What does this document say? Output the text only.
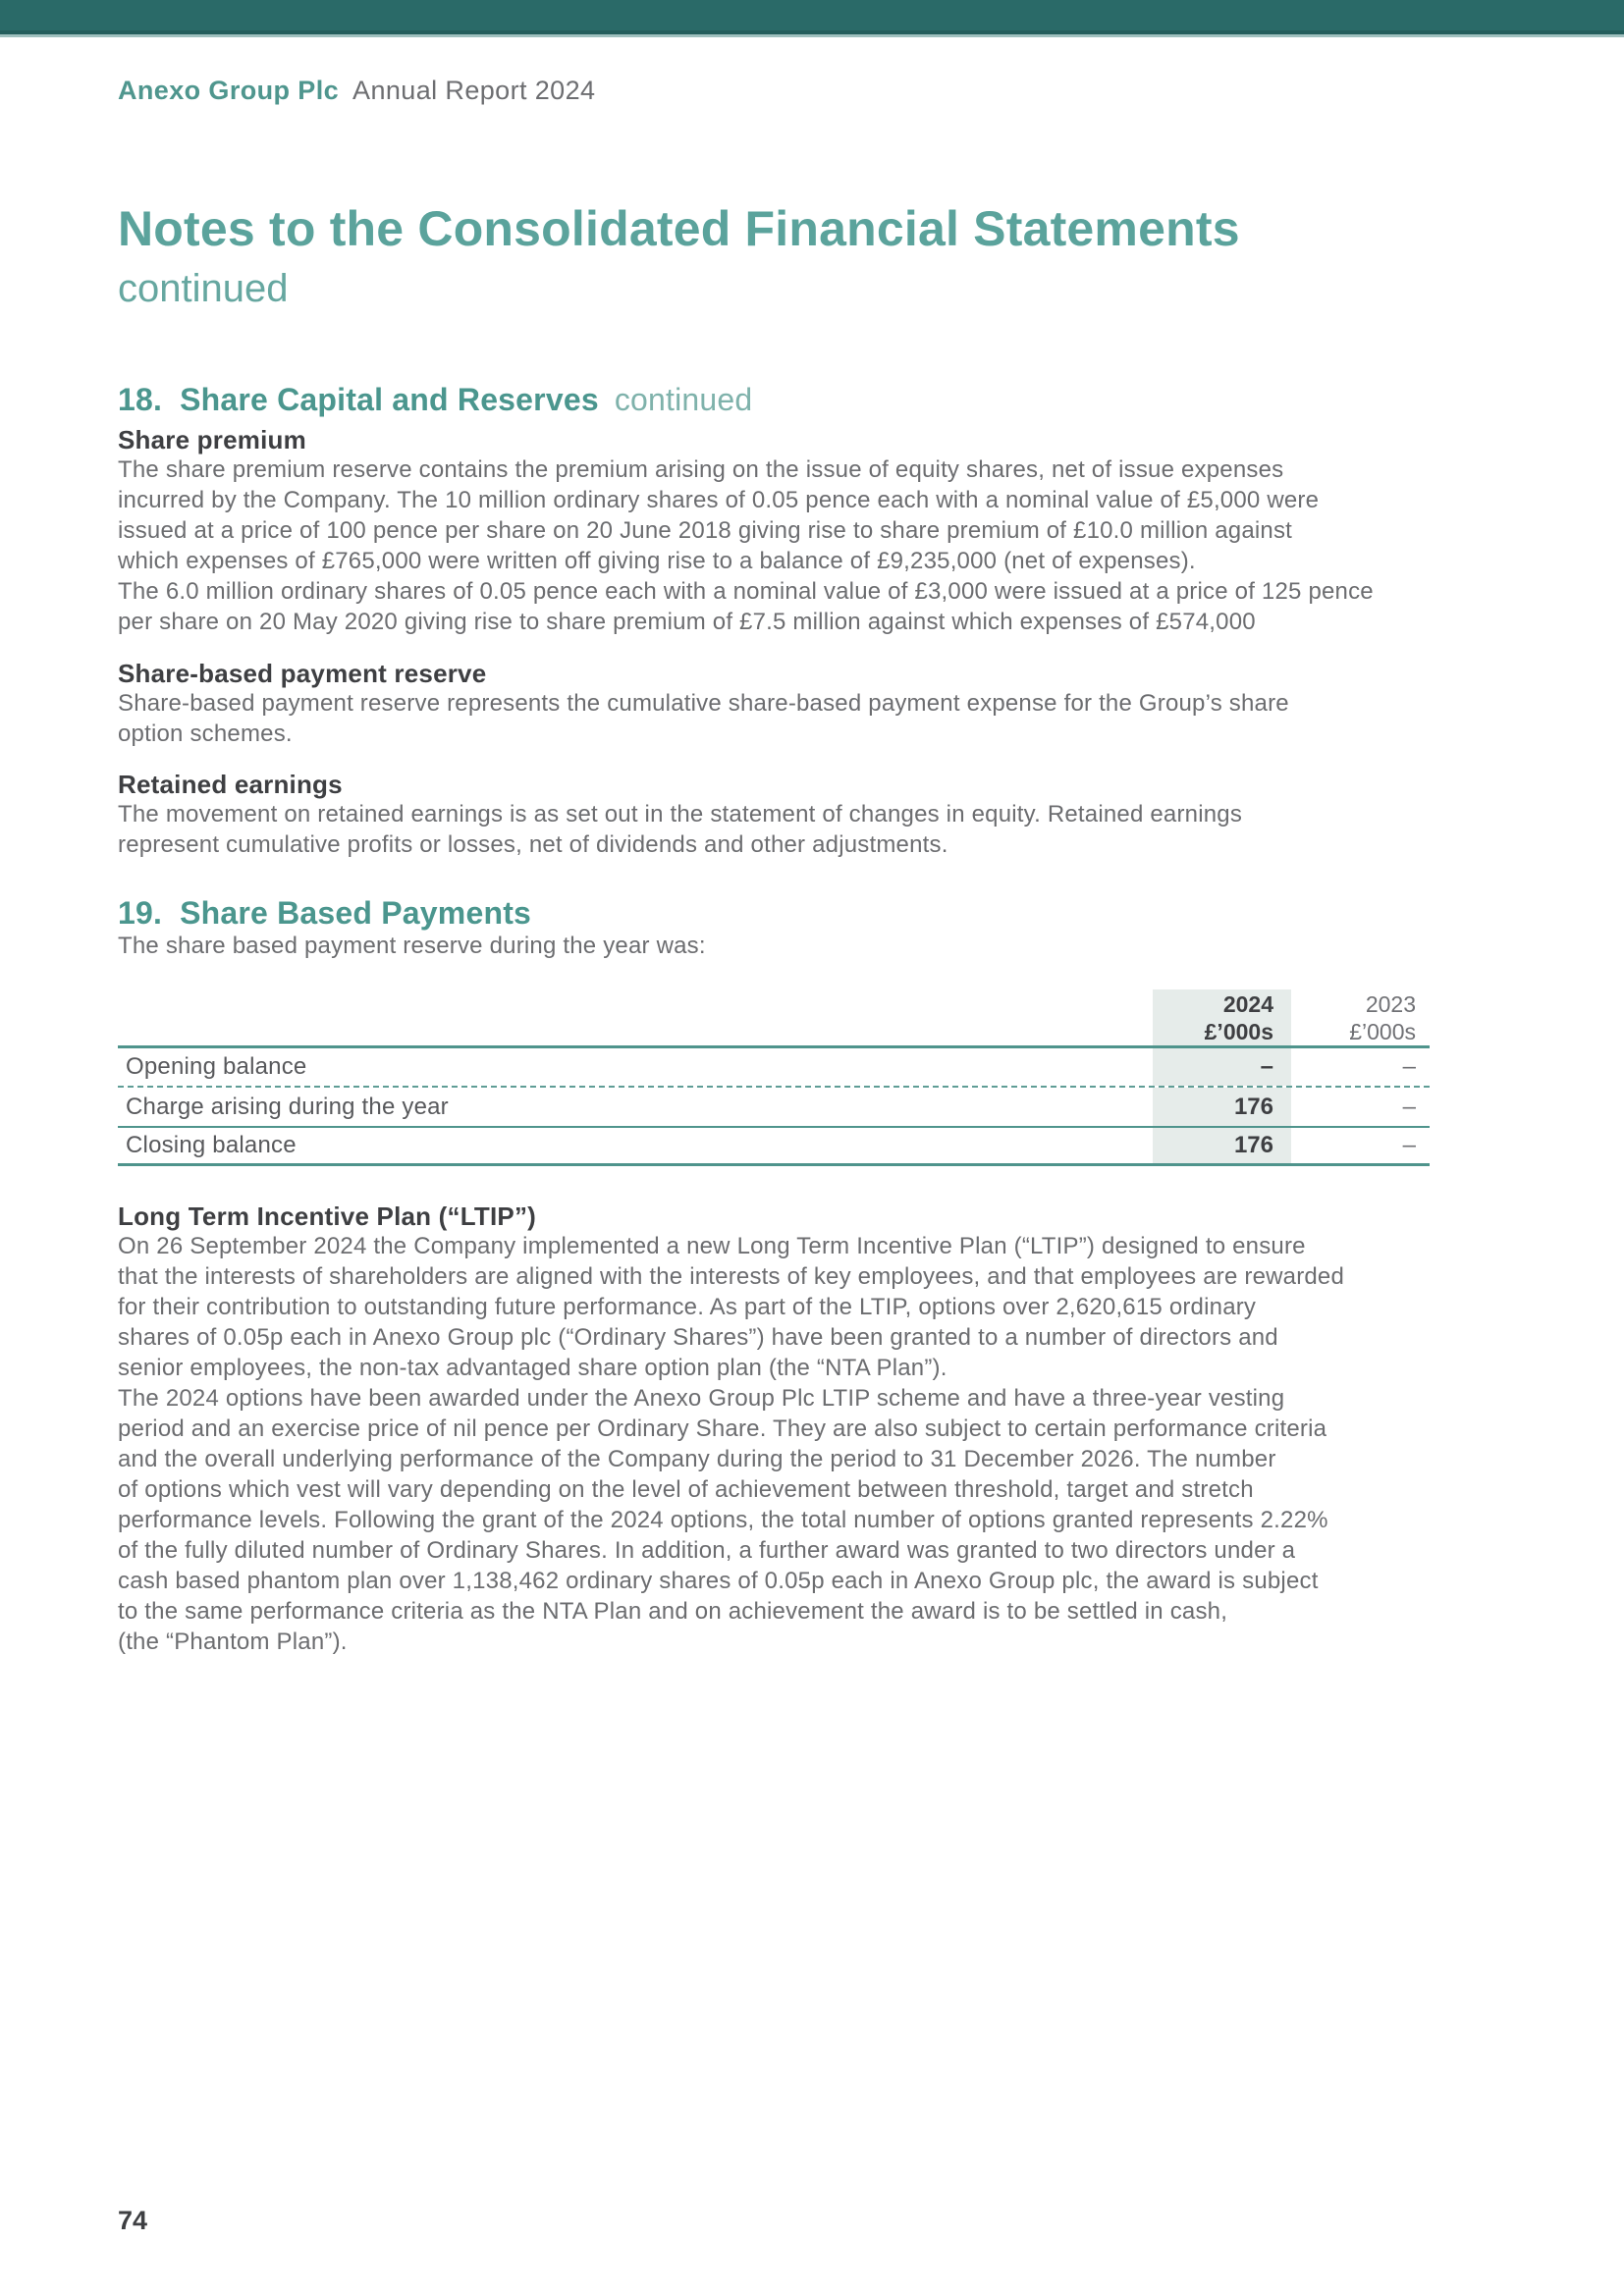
Anexo Group Plc Annual Report 2024
Notes to the Consolidated Financial Statements
continued
18. Share Capital and Reserves continued
Share premium

The share premium reserve contains the premium arising on the issue of equity shares, net of issue expenses
incurred by the Company. The 10 million ordinary shares of 0.05 pence each with a nominal value of £5,000 were
issued at a price of 100 pence per share on 20 June 2018 giving rise to share premium of £10.0 million against
which expenses of £765,000 were written off giving rise to a balance of £9,235,000 (net of expenses).

The 6.0 million ordinary shares of 0.05 pence each with a nominal value of £3,000 were issued at a price of 125 pence
per share on 20 May 2020 giving rise to share premium of £7.5 million against which expenses of £574,000

Share-based payment reserve

Share-based payment reserve represents the cumulative share-based payment expense for the Group’s share
option schemes.

Retained earnings

The movement on retained earnings is as set out in the statement of changes in equity. Retained earnings
represent cumulative profits or losses, net of dividends and other adjustments.

19. Share Based Payments

The share based payment reserve during the year was:

2024
£’000s
2023
£’000s
Opening balance	–	–
Charge arising during the year	176	–
Closing balance	176	–
Long Term Incentive Plan (“LTIP”)

On 26 September 2024 the Company implemented a new Long Term Incentive Plan (“LTIP”) designed to ensure
that the interests of shareholders are aligned with the interests of key employees, and that employees are rewarded
for their contribution to outstanding future performance. As part of the LTIP, options over 2,620,615 ordinary
shares of 0.05p each in Anexo Group plc (“Ordinary Shares”) have been granted to a number of directors and
senior employees, the non-tax advantaged share option plan (the “NTA Plan”).

The 2024 options have been awarded under the Anexo Group Plc LTIP scheme and have a three-year vesting
period and an exercise price of nil pence per Ordinary Share. They are also subject to certain performance criteria
and the overall underlying performance of the Company during the period to 31 December 2026. The number
of options which vest will vary depending on the level of achievement between threshold, target and stretch
performance levels. Following the grant of the 2024 options, the total number of options granted represents 2.22%
of the fully diluted number of Ordinary Shares. In addition, a further award was granted to two directors under a
cash based phantom plan over 1,138,462 ordinary shares of 0.05p each in Anexo Group plc, the award is subject
to the same performance criteria as the NTA Plan and on achievement the award is to be settled in cash,
(the “Phantom Plan”).

74
